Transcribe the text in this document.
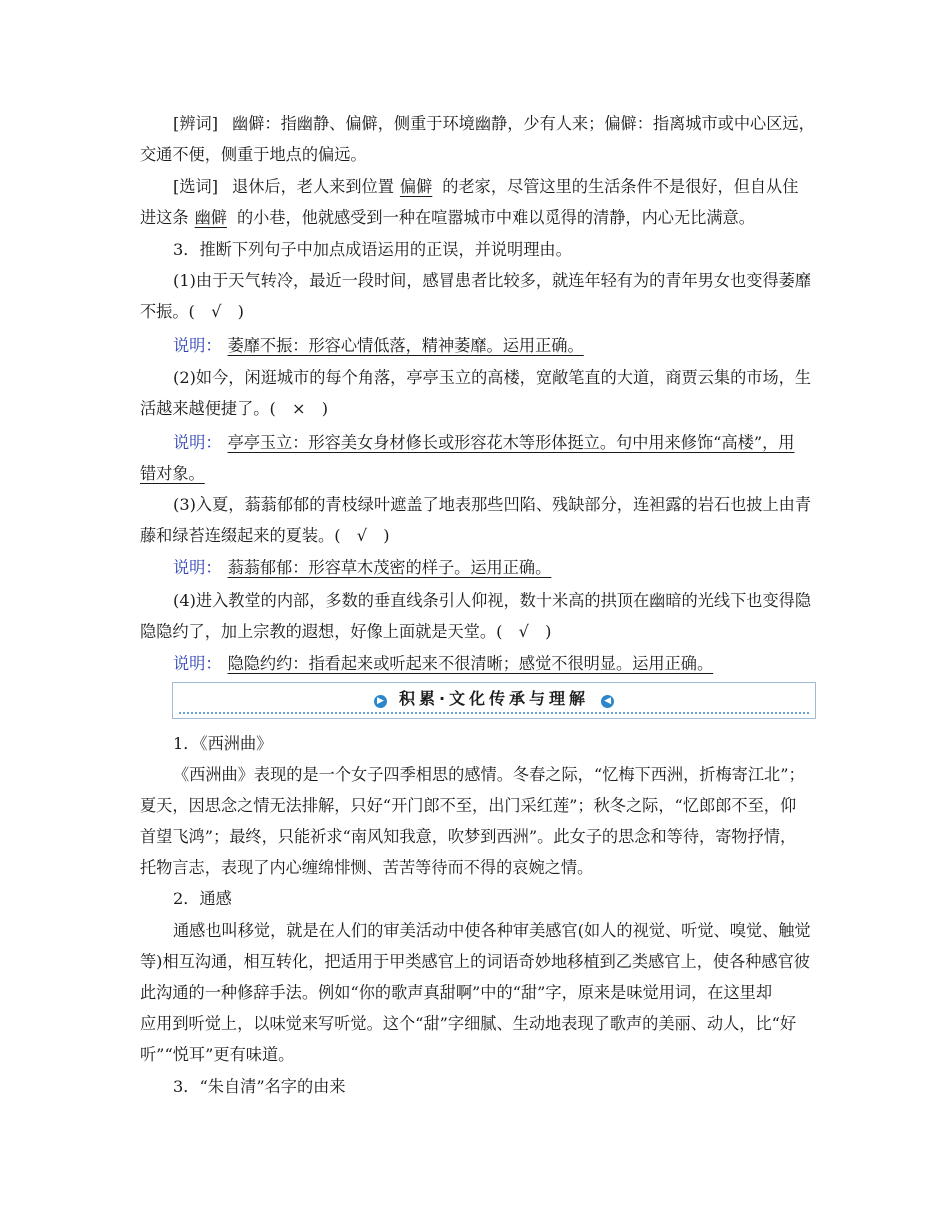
[辨词] 幽僻：指幽静、偏僻，侧重于环境幽静，少有人来；偏僻：指离城市或中心区远，
交通不便，侧重于地点的偏远。
[选词] 退休后，老人来到位置 偏僻 的老家，尽管这里的生活条件不是很好，但自从住
进这条 幽僻 的小巷，他就感受到一种在喧嚣城市中难以觅得的清静，内心无比满意。
3．推断下列句子中加点成语运用的正误，并说明理由。
(1)由于天气转冷，最近一段时间，感冒患者比较多，就连年轻有为的青年男女也变得萎靡
不振。(　√　)
说明： 萎靡不振：形容心情低落，精神萎靡。运用正确。
(2)如今，闲逛城市的每个角落，亭亭玉立的高楼，宽敞笔直的大道，商贾云集的市场，生
活越来越便捷了。(　×　)
说明： 亭亭玉立：形容美女身材修长或形容花木等形体挺立。句中用来修饰“高楼”，用
错对象。
(3)入夏，蓊蓊郁郁的青枝绿叶遮盖了地表那些凹陷、残缺部分，连袒露的岩石也披上由青
藤和绿苔连缀起来的夏装。(　√　)
说明： 蓊蓊郁郁：形容草木茂密的样子。运用正确。
(4)进入教堂的内部，多数的垂直线条引人仰视，数十米高的拱顶在幽暗的光线下也变得隐
隐隐约了，加上宗教的遐想，好像上面就是天堂。(　√　)
说明： 隐隐约约：指看起来或听起来不很清晰；感觉不很明显。运用正确。
▶ 积累·文化传承与理解 ◀
1．《西洲曲》
《西洲曲》表现的是一个女子四季相思的感情。冬春之际，“忆梅下西洲，折梅寄江北”；
夏天，因思念之情无法排解，只好“开门郎不至，出门采红莲”；秋冬之际，“忆郎郎不至，仰
首望飞鸿”；最终，只能祈求“南风知我意，吹梦到西洲”。此女子的思念和等待，寄物抒情，
托物言志，表现了内心缠绵悱恻、苦苦等待而不得的哀婉之情。
2．通感
通感也叫移觉，就是在人们的审美活动中使各种审美感官(如人的视觉、听觉、嗅觉、触觉
等)相互沟通，相互转化，把适用于甲类感官上的词语奇妙地移植到乙类感官上，使各种感官彼
此沟通的一种修辞手法。例如“你的歌声真甜啊”中的“甜”字，原来是味觉用词，在这里却
应用到听觉上，以味觉来写听觉。这个“甜”字细腻、生动地表现了歌声的美丽、动人，比“好
听”“悦耳”更有味道。
3．“朱自清”名字的由来
